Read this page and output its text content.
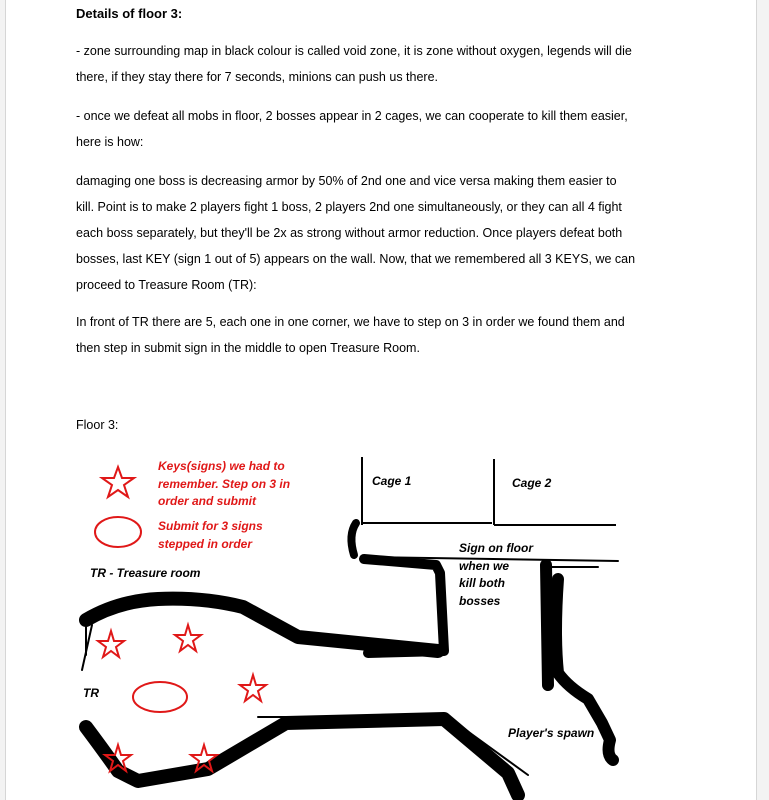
Details of floor 3:

- zone surrounding map in black colour is called void zone, it is zone without oxygen, legends will die there, if they stay there for 7 seconds, minions can push us there.

- once we defeat all mobs in floor, 2 bosses appear in 2 cages, we can cooperate to kill them easier, here is how:

damaging one boss is decreasing armor by 50% of 2nd one and vice versa making them easier to kill. Point is to make 2 players fight 1 boss, 2 players 2nd one simultaneously, or they can all 4 fight each boss separately, but they'll be 2x as strong without armor reduction. Once players defeat both bosses, last KEY (sign 1 out of 5) appears on the wall. Now, that we remembered all 3 KEYS, we can proceed to Treasure Room (TR):

In front of TR there are 5, each one in one corner, we have to step on 3 in order we found them and then step in submit sign in the middle to open Treasure Room.

Floor 3:
Keys(signs) we had to
remember. Step on 3 in
order and submit
Submit for 3 signs
stepped in order
TR - Treasure room
Cage 1	Cage 2
Sign on floor
when we
kill both
bosses
TR
Player's spawn
